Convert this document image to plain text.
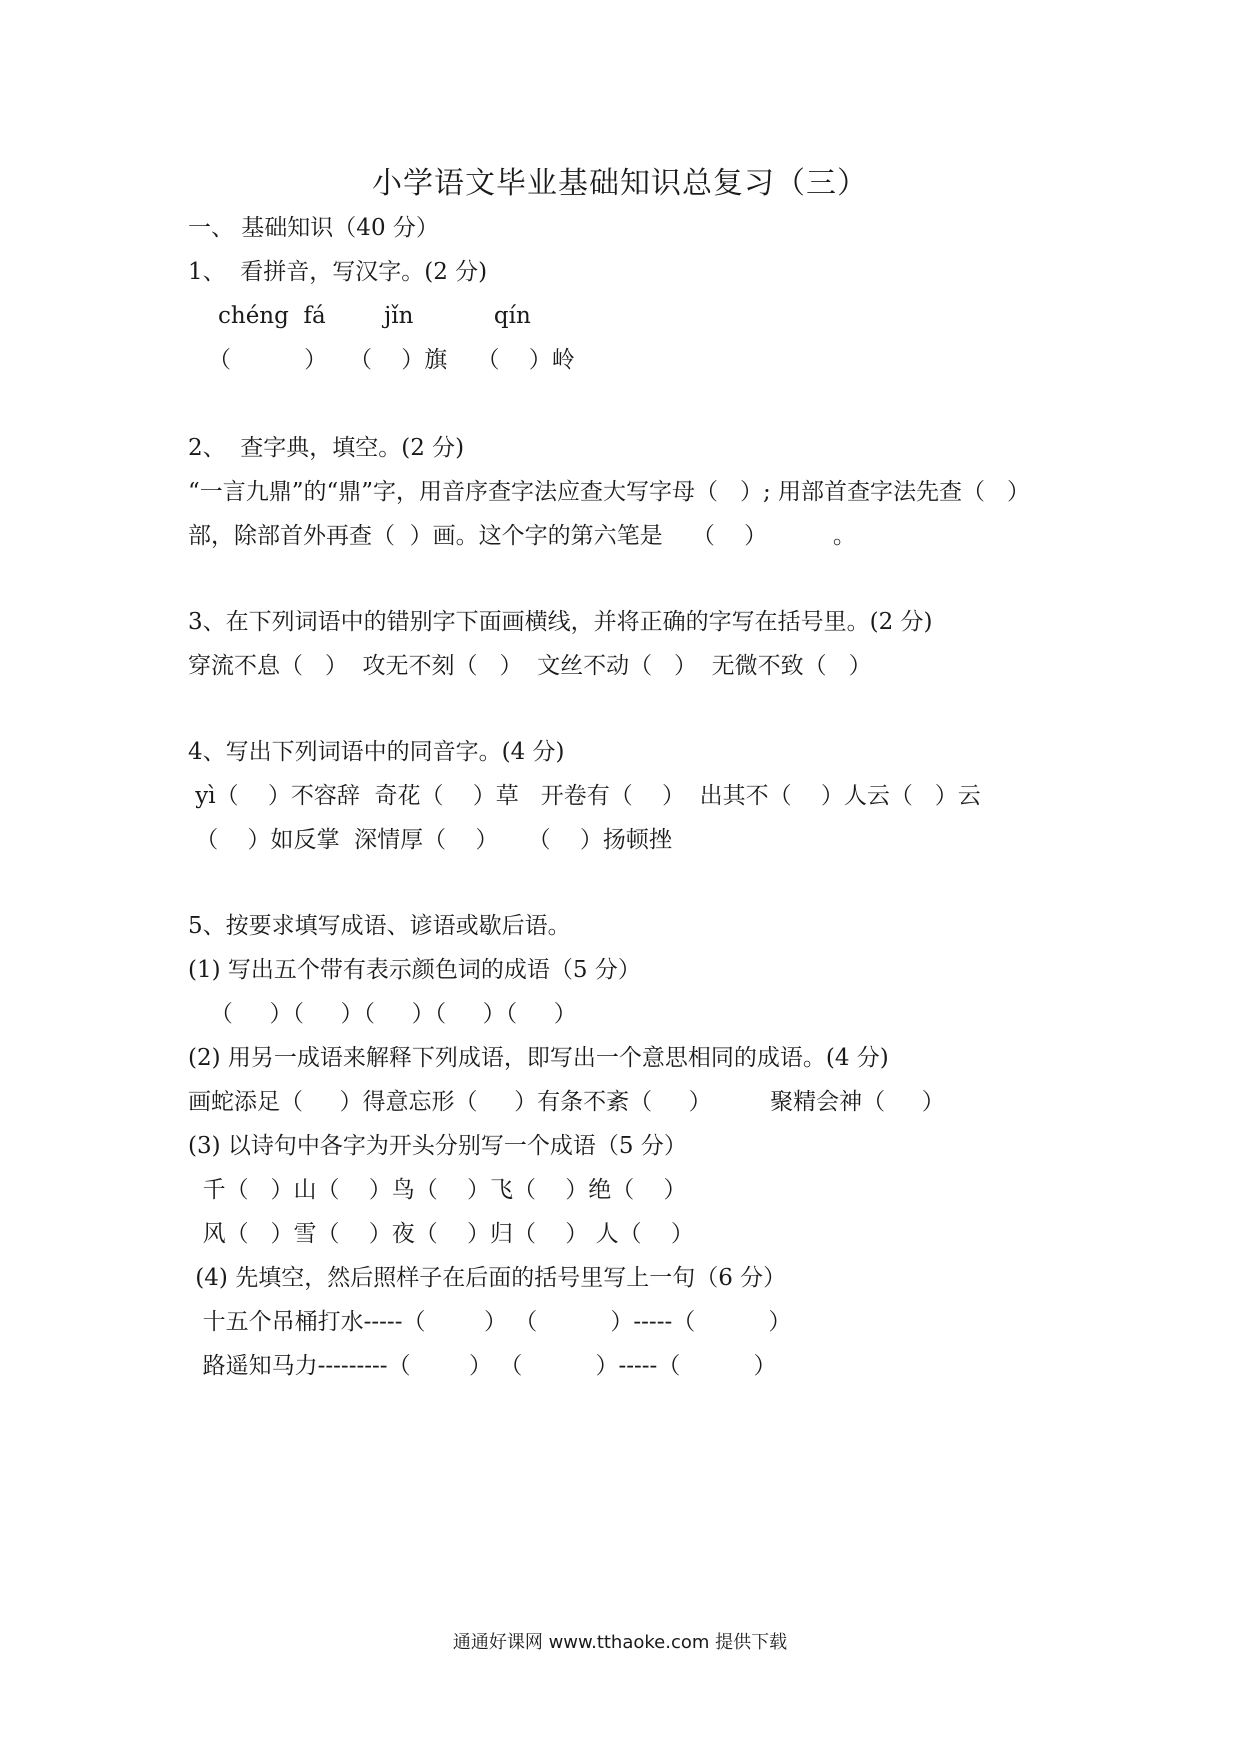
小学语文毕业基础知识总复习（三）
一、 基础知识（40 分）
1、  看拼音，写汉字。(2 分)
chéng  fá        jǐn           qín
（          ）   （    ）旗    （    ）岭
2、  查字典，填空。(2 分)
“一言九鼎”的“鼎”字，用音序查字法应查大写字母（   ）; 用部首查字法先查（   ）
部，除部首外再查（  ）画。这个字的第六笔是    （    ）         。
3、在下列词语中的错别字下面画横线，并将正确的字写在括号里。(2 分)
穿流不息（   ）  攻无不刻（   ）  文丝不动（   ）  无微不致（   ）
4、写出下列词语中的同音字。(4 分)
yì（    ）不容辞  奇花（    ）草   开卷有（    ）  出其不（    ）人云（   ）云
（    ）如反掌  深情厚（    ）    （    ）扬顿挫
5、按要求填写成语、谚语或歇后语。
(1) 写出五个带有表示颜色词的成语（5 分）
（     ）（     ）（     ）（     ）（     ）
(2) 用另一成语来解释下列成语，即写出一个意思相同的成语。(4 分)
画蛇添足（     ）得意忘形（     ）有条不紊（     ）        聚精会神（     ）
(3) 以诗句中各字为开头分别写一个成语（5 分）
千（   ）山（    ）鸟（    ）飞（    ）绝（    ）
风（   ）雪（    ）夜（    ）归（    ） 人（    ）
(4) 先填空，然后照样子在后面的括号里写上一句（6 分）
十五个吊桶打水-----（        ） （          ）-----（          ）
路遥知马力---------（        ） （          ）-----（          ）
通通好课网 www.tthaoke.com 提供下载
